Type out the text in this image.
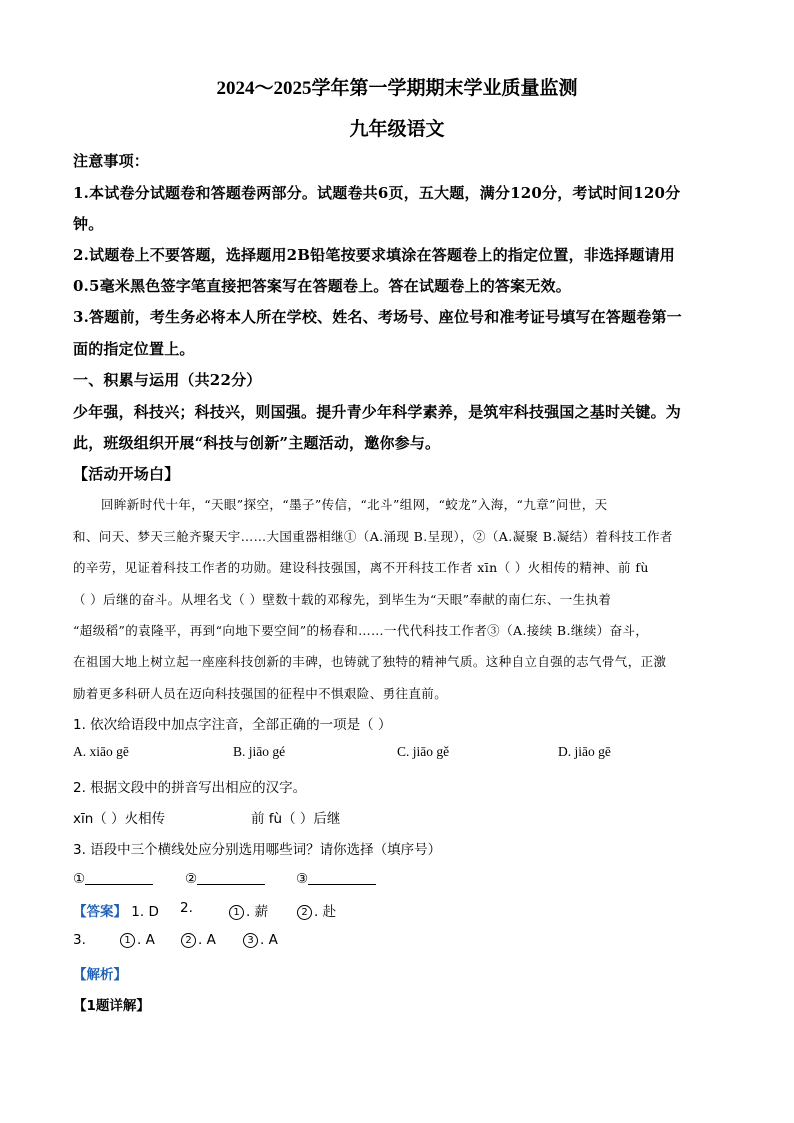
2024～2025学年第一学期期末学业质量监测
九年级语文
注意事项：
1.本试卷分试题卷和答题卷两部分。试题卷共6页，五大题，满分120分，考试时间120分
钟。
2.试题卷上不要答题，选择题用2B铅笔按要求填涂在答题卷上的指定位置，非选择题请用
0.5毫米黑色签字笔直接把答案写在答题卷上。答在试题卷上的答案无效。
3.答题前，考生务必将本人所在学校、姓名、考场号、座位号和准考证号填写在答题卷第一
面的指定位置上。
一、积累与运用（共22分）
少年强，科技兴；科技兴，则国强。提升青少年科学素养，是筑牢科技强国之基时关键。为
此，班级组织开展“科技与创新”主题活动，邀你参与。
【活动开场白】
回眸新时代十年，“天眼”探空，“墨子”传信，“北斗”组网，“蛟龙”入海，“九章”问世，天
和、问天、梦天三舱齐聚天宇……大国重器相继①（A.涌现 B.呈现），②（A.凝聚 B.凝结）着科技工作者
的辛劳，见证着科技工作者的功勋。建设科技强国，离不开科技工作者 xīn（ ）火相传的精神、前 fù
（ ）后继的奋斗。从埋名戈（ ）壁数十载的邓稼先，到毕生为“天眼”奉献的南仁东、一生执着
“超级稻”的袁隆平，再到“向地下要空间”的杨春和……一代代科技工作者③（A.接续 B.继续）奋斗，
在祖国大地上树立起一座座科技创新的丰碑，也铸就了独特的精神气质。这种自立自强的志气骨气，正激
励着更多科研人员在迈向科技强国的征程中不惧艰险、勇往直前。
1. 依次给语段中加点字注音，全部正确的一项是（ ）
A. xiāo gē	B. jiāo gé	C. jiāo gě	D. jiāo gē
2. 根据文段中的拼音写出相应的汉字。
xīn（ ）火相传	前 fù（ ）后继
3. 语段中三个横线处应分别选用哪些词？请你选择（填序号）
①	②	③
【答案】 1. D 2.	1 . 薪	2 . 赴
3.	1 . A	2 . A	3 . A
【解析】
【1题详解】
